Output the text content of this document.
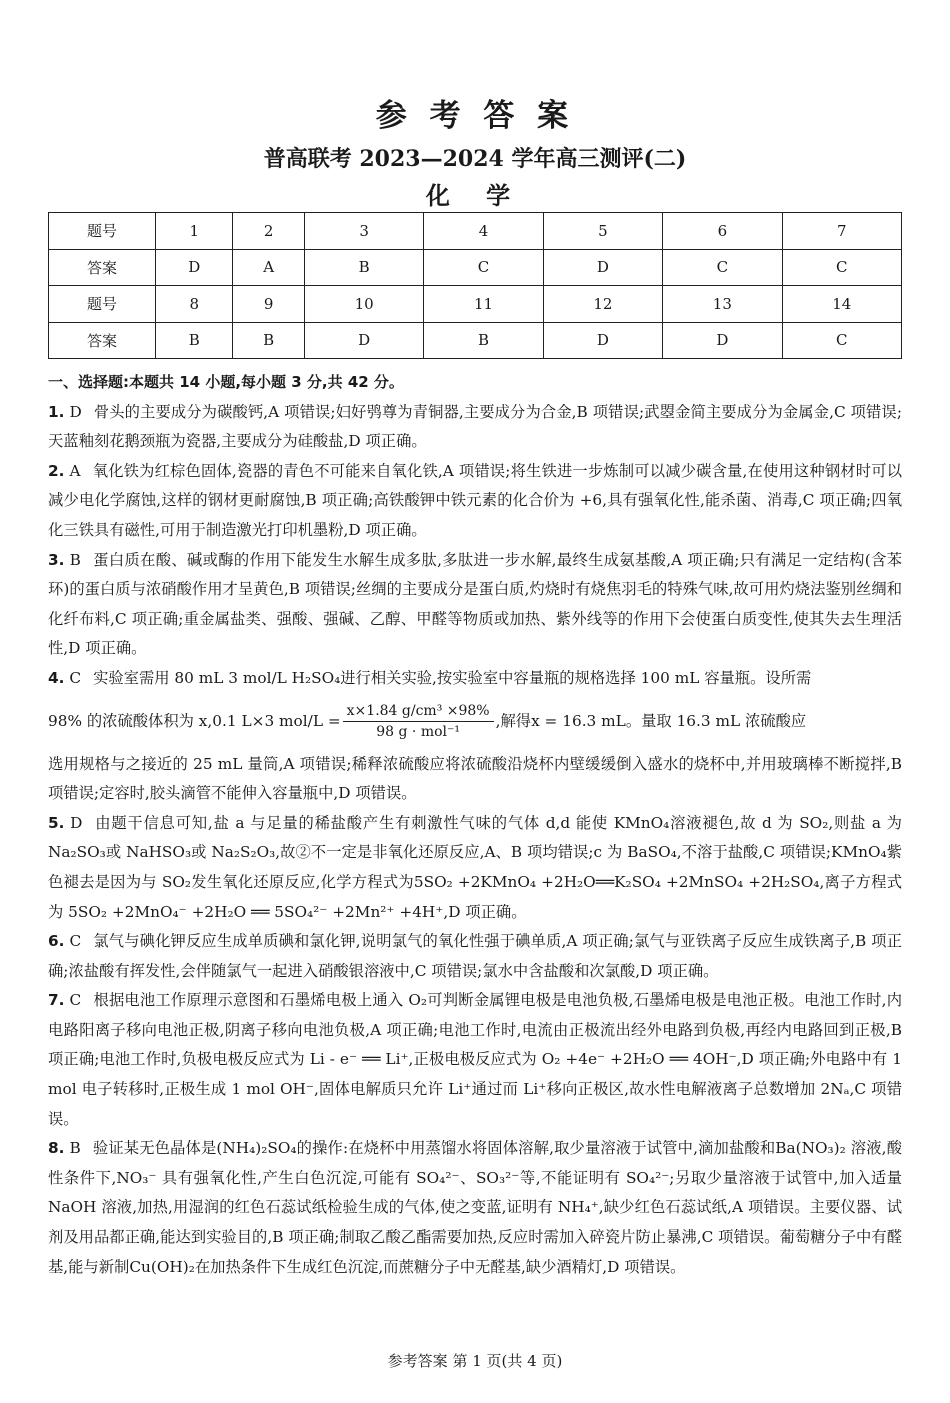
参 考 答 案
普高联考 2023—2024 学年高三测评(二)
化 学
题号	1	2	3	4	5	6	7
答案	D	A	B	C	D	C	C
题号	8	9	10	11	12	13	14
答案	B	B	D	B	D	D	C

一、选择题:本题共 14 小题,每小题 3 分,共 42 分。

1. D 骨头的主要成分为碳酸钙,A 项错误;妇好鸮尊为青铜器,主要成分为合金,B 项错误;武曌金简主要成分为金属金,C 项错误;天蓝釉刻花鹅颈瓶为瓷器,主要成分为硅酸盐,D 项正确。

2. A 氧化铁为红棕色固体,瓷器的青色不可能来自氧化铁,A 项错误;将生铁进一步炼制可以减少碳含量,在使用这种钢材时可以减少电化学腐蚀,这样的钢材更耐腐蚀,B 项正确;高铁酸钾中铁元素的化合价为 +6,具有强氧化性,能杀菌、消毒,C 项正确;四氧化三铁具有磁性,可用于制造激光打印机墨粉,D 项正确。

3. B 蛋白质在酸、碱或酶的作用下能发生水解生成多肽,多肽进一步水解,最终生成氨基酸,A 项正确;只有满足一定结构(含苯环)的蛋白质与浓硝酸作用才呈黄色,B 项错误;丝绸的主要成分是蛋白质,灼烧时有烧焦羽毛的特殊气味,故可用灼烧法鉴别丝绸和化纤布料,C 项正确;重金属盐类、强酸、强碱、乙醇、甲醛等物质或加热、紫外线等的作用下会使蛋白质变性,使其失去生理活性,D 项正确。

4. C 实验室需用 80 mL 3 mol/L H₂SO₄进行相关实验,按实验室中容量瓶的规格选择 100 mL 容量瓶。设所需

98% 的浓硫酸体积为 x,0.1 L×3 $mol/L = \frac{\text{x×1.84 g/cm³ ×98\%}}{\text{98 g · mol⁻¹}}$ ,解得x = 16.3 mL。量取 16.3 mL 浓硫酸应

选用规格与之接近的 25 mL 量筒,A 项错误;稀释浓硫酸应将浓硫酸沿烧杯内壁缓缓倒入盛水的烧杯中,并用玻璃棒不断搅拌,B 项错误;定容时,胶头滴管不能伸入容量瓶中,D 项错误。

5. D 由题干信息可知,盐 a 与足量的稀盐酸产生有刺激性气味的气体 d,d 能使 KMnO₄溶液褪色,故 d 为 SO₂,则盐 a 为 Na₂SO₃或 NaHSO₃或 Na₂S₂O₃,故②不一定是非氧化还原反应,A、B 项均错误;c 为 BaSO₄,不溶于盐酸,C 项错误;KMnO₄紫色褪去是因为与 SO₂发生氧化还原反应,化学方程式为5SO₂ +2KMnO₄ +2H₂O══K₂SO₄ +2MnSO₄ +2H₂SO₄,离子方程式为 5SO₂ +2MnO₄⁻ +2H₂O ══ 5SO₄²⁻ +2Mn²⁺ +4H⁺,D 项正确。

6. C 氯气与碘化钾反应生成单质碘和氯化钾,说明氯气的氧化性强于碘单质,A 项正确;氯气与亚铁离子反应生成铁离子,B 项正确;浓盐酸有挥发性,会伴随氯气一起进入硝酸银溶液中,C 项错误;氯水中含盐酸和次氯酸,D 项正确。

7. C 根据电池工作原理示意图和石墨烯电极上通入 O₂可判断金属锂电极是电池负极,石墨烯电极是电池正极。电池工作时,内电路阳离子移向电池正极,阴离子移向电池负极,A 项正确;电池工作时,电流由正极流出经外电路到负极,再经内电路回到正极,B 项正确;电池工作时,负极电极反应式为 Li - e⁻ ══ Li⁺,正极电极反应式为 O₂ +4e⁻ +2H₂O ══ 4OH⁻,D 项正确;外电路中有 1 mol 电子转移时,正极生成 1 mol OH⁻,固体电解质只允许 Li⁺通过而 Li⁺移向正极区,故水性电解液离子总数增加 2Nₐ,C 项错误。

8. B 验证某无色晶体是(NH₄)₂SO₄的操作:在烧杯中用蒸馏水将固体溶解,取少量溶液于试管中,滴加盐酸和Ba(NO₃)₂ 溶液,酸性条件下,NO₃⁻ 具有强氧化性,产生白色沉淀,可能有 SO₄²⁻、SO₃²⁻等,不能证明有 SO₄²⁻;另取少量溶液于试管中,加入适量 NaOH 溶液,加热,用湿润的红色石蕊试纸检验生成的气体,使之变蓝,证明有 NH₄⁺,缺少红色石蕊试纸,A 项错误。主要仪器、试剂及用品都正确,能达到实验目的,B 项正确;制取乙酸乙酯需要加热,反应时需加入碎瓷片防止暴沸,C 项错误。葡萄糖分子中有醛基,能与新制Cu(OH)₂在加热条件下生成红色沉淀,而蔗糖分子中无醛基,缺少酒精灯,D 项错误。

参考答案 第 1 页(共 4 页)
